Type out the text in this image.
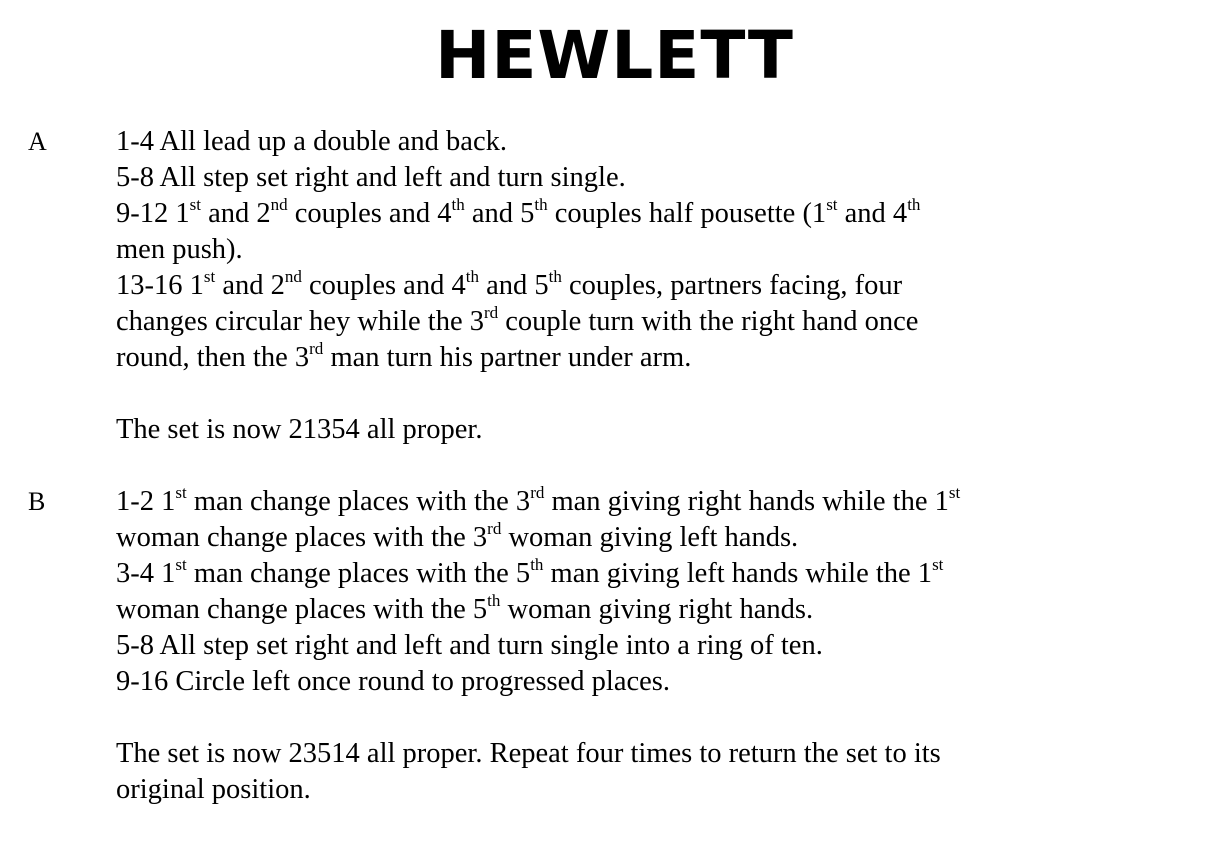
HEWLETT
A 1-4 All lead up a double and back.
5-8 All step set right and left and turn single.
9-12 1st and 2nd couples and 4th and 5th couples half pousette (1st and 4th
men push).
13-16 1st and 2nd couples and 4th and 5th couples, partners facing, four
changes circular hey while the 3rd couple turn with the right hand once
round, then the 3rd man turn his partner under arm.
The set is now 21354 all proper.
B 1-2 1st man change places with the 3rd man giving right hands while the 1st
woman change places with the 3rd woman giving left hands.
3-4 1st man change places with the 5th man giving left hands while the 1st
woman change places with the 5th woman giving right hands.
5-8 All step set right and left and turn single into a ring of ten.
9-16 Circle left once round to progressed places.
The set is now 23514 all proper. Repeat four times to return the set to its
original position.
